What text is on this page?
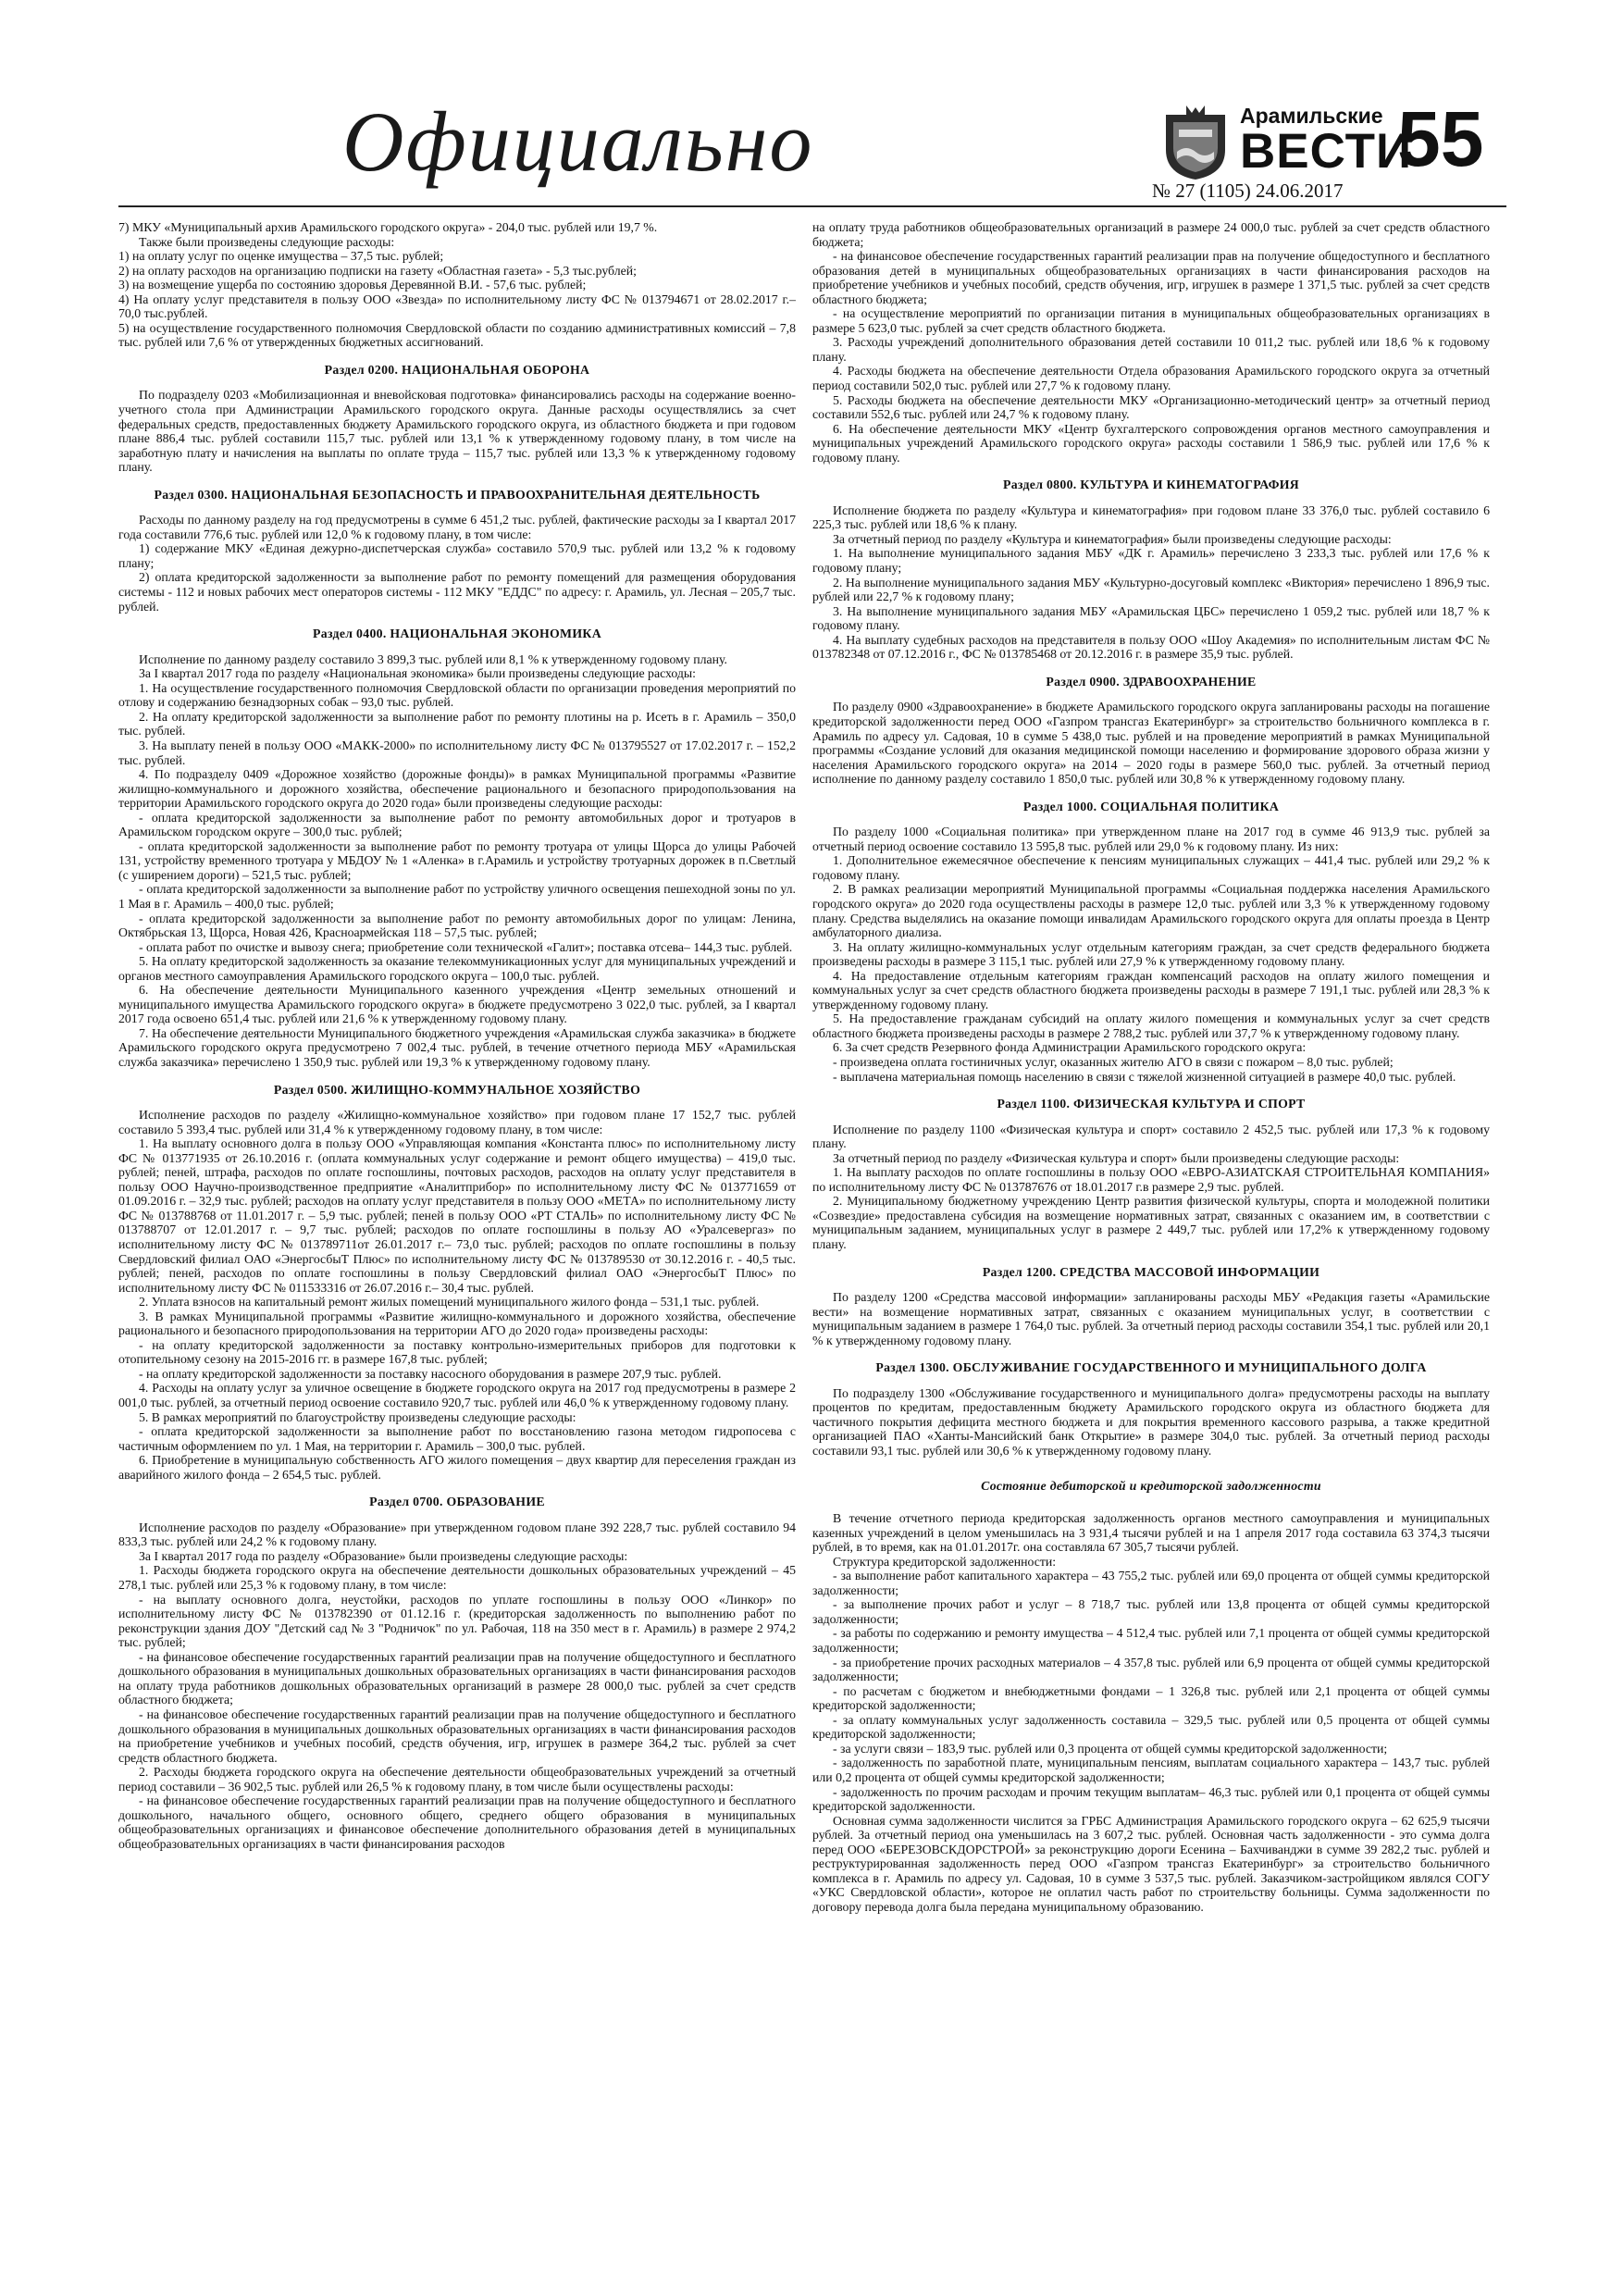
Официально	Арамильские
ВЕСТИ
55
№ 27 (1105) 24.06.2017

7) МКУ «Муниципальный архив Арамильского городского округа» - 204,0 тыс. рублей или 19,7 %.

Также были произведены следующие расходы:

1) на оплату услуг по оценке имущества – 37,5 тыс. рублей;

2) на оплату расходов на организацию подписки на газету «Областная газета» - 5,3 тыс.рублей;

3) на возмещение ущерба по состоянию здоровья Деревянной В.И. - 57,6 тыс. рублей;

4) На оплату услуг представителя в пользу ООО «Звезда» по исполнительному листу ФС № 013794671 от 28.02.2017 г.– 70,0 тыс.рублей.

5) на осуществление государственного полномочия Свердловской области по созданию административных комиссий – 7,8 тыс. рублей или 7,6 % от утвержденных бюджетных ассигнований.

Раздел 0200. НАЦИОНАЛЬНАЯ ОБОРОНА

По подразделу 0203 «Мобилизационная и вневойсковая подготовка» финансировались расходы на содержание военно-учетного стола при Администрации Арамильского городского округа. Данные расходы осуществлялись за счет федеральных средств, предоставленных бюджету Арамильского городского округа, из областного бюджета и при годовом плане 886,4 тыс. рублей составили 115,7 тыс. рублей или 13,1 % к утвержденному годовому плану, в том числе на заработную плату и начисления на выплаты по оплате труда – 115,7 тыс. рублей или 13,3 % к утвержденному годовому плану.

Раздел 0300. НАЦИОНАЛЬНАЯ БЕЗОПАСНОСТЬ И ПРАВООХРАНИТЕЛЬНАЯ ДЕЯТЕЛЬНОСТЬ

Расходы по данному разделу на год предусмотрены в сумме 6 451,2 тыс. рублей, фактические расходы за I квартал 2017 года составили 776,6 тыс. рублей или 12,0 % к годовому плану, в том числе:

1) содержание МКУ «Единая дежурно-диспетчерская служба» составило 570,9 тыс. рублей или 13,2 % к годовому плану;

2) оплата кредиторской задолженности за выполнение работ по ремонту помещений для размещения оборудования системы - 112 и новых рабочих мест операторов системы - 112 МКУ "ЕДДС" по адресу: г. Арамиль, ул. Лесная – 205,7 тыс. рублей.

Раздел 0400. НАЦИОНАЛЬНАЯ ЭКОНОМИКА

Исполнение по данному разделу составило 3 899,3 тыс. рублей или 8,1 % к утвержденному годовому плану.

За I квартал 2017 года по разделу «Национальная экономика» были произведены следующие расходы:

1. На осуществление государственного полномочия Свердловской области по организации проведения мероприятий по отлову и содержанию безнадзорных собак – 93,0 тыс. рублей.

2. На оплату кредиторской задолженности за выполнение работ по ремонту плотины на р. Исеть в г. Арамиль – 350,0 тыс. рублей.

3. На выплату пеней в пользу ООО «МАКК-2000» по исполнительному листу ФС № 013795527 от 17.02.2017 г. – 152,2 тыс. рублей.

4. По подразделу 0409 «Дорожное хозяйство (дорожные фонды)» в рамках Муниципальной программы «Развитие жилищно-коммунального и дорожного хозяйства, обеспечение рационального и безопасного природопользования на территории Арамильского городского округа до 2020 года» были произведены следующие расходы:

- оплата кредиторской задолженности за выполнение работ по ремонту автомобильных дорог и тротуаров в Арамильском городском округе – 300,0 тыс. рублей;

- оплата кредиторской задолженности за выполнение работ по ремонту тротуара от улицы Щорса до улицы Рабочей 131, устройству временного тротуара у МБДОУ № 1 «Аленка» в г.Арамиль и устройству тротуарных дорожек в п.Светлый (с уширением дороги) – 521,5 тыс. рублей;

- оплата кредиторской задолженности за выполнение работ по устройству уличного освещения пешеходной зоны по ул. 1 Мая в г. Арамиль – 400,0 тыс. рублей;

- оплата кредиторской задолженности за выполнение работ по ремонту автомобильных дорог по улицам: Ленина, Октябрьская 13, Щорса, Новая 426, Красноармейская 118 – 57,5 тыс. рублей;

- оплата работ по очистке и вывозу снега; приобретение соли технической «Галит»; поставка отсева– 144,3 тыс. рублей.

5. На оплату кредиторской задолженность за оказание телекоммуникационных услуг для муниципальных учреждений и органов местного самоуправления Арамильского городского округа – 100,0 тыс. рублей.

6. На обеспечение деятельности Муниципального казенного учреждения «Центр земельных отношений и муниципального имущества Арамильского городского округа» в бюджете предусмотрено 3 022,0 тыс. рублей, за I квартал 2017 года освоено 651,4 тыс. рублей или 21,6 % к утвержденному годовому плану.

7. На обеспечение деятельности Муниципального бюджетного учреждения «Арамильская служба заказчика» в бюджете Арамильского городского округа предусмотрено 7 002,4 тыс. рублей, в течение отчетного периода МБУ «Арамильская служба заказчика» перечислено 1 350,9 тыс. рублей или 19,3 % к утвержденному годовому плану.

Раздел 0500. ЖИЛИЩНО-КОММУНАЛЬНОЕ ХОЗЯЙСТВО

Исполнение расходов по разделу «Жилищно-коммунальное хозяйство» при годовом плане 17 152,7 тыс. рублей составило 5 393,4 тыс. рублей или 31,4 % к утвержденному годовому плану, в том числе:

1. На выплату основного долга в пользу ООО «Управляющая компания «Константа плюс» по исполнительному листу ФС № 013771935 от 26.10.2016 г. (оплата коммунальных услуг содержание и ремонт общего имущества) – 419,0 тыс. рублей; пеней, штрафа, расходов по оплате госпошлины, почтовых расходов, расходов на оплату услуг представителя в пользу ООО Научно-производственное предприятие «Аналитприбор» по исполнительному листу ФС № 013771659 от 01.09.2016 г. – 32,9 тыс. рублей; расходов на оплату услуг представителя в пользу ООО «МЕТА» по исполнительному листу ФС № 013788768 от 11.01.2017 г. – 5,9 тыс. рублей; пеней в пользу ООО «РТ СТАЛЬ» по исполнительному листу ФС № 013788707 от 12.01.2017 г. – 9,7 тыс. рублей; расходов по оплате госпошлины в пользу АО «Уралсевергаз» по исполнительному листу ФС № 013789711от 26.01.2017 г.– 73,0 тыс. рублей; расходов по оплате госпошлины в пользу Свердловский филиал ОАО «ЭнергосбыТ Плюс» по исполнительному листу ФС № 013789530 от 30.12.2016 г. - 40,5 тыс. рублей; пеней, расходов по оплате госпошлины в пользу Свердловский филиал ОАО «ЭнергосбыТ Плюс» по исполнительному листу ФС № 011533316 от 26.07.2016 г.– 30,4 тыс. рублей.

2. Уплата взносов на капитальный ремонт жилых помещений муниципального жилого фонда – 531,1 тыс. рублей.

3. В рамках Муниципальной программы «Развитие жилищно-коммунального и дорожного хозяйства, обеспечение рационального и безопасного природопользования на территории АГО до 2020 года» произведены расходы:

- на оплату кредиторской задолженности за поставку контрольно-измерительных приборов для подготовки к отопительному сезону на 2015-2016 гг. в размере 167,8 тыс. рублей;

- на оплату кредиторской задолженности за поставку насосного оборудования в размере 207,9 тыс. рублей.

4. Расходы на оплату услуг за уличное освещение в бюджете городского округа на 2017 год предусмотрены в размере 2 001,0 тыс. рублей, за отчетный период освоение составило 920,7 тыс. рублей или 46,0 % к утвержденному годовому плану.

5. В рамках мероприятий по благоустройству произведены следующие расходы:

- оплата кредиторской задолженности за выполнение работ по восстановлению газона методом гидропосева с частичным оформлением по ул. 1 Мая, на территории г. Арамиль – 300,0 тыс. рублей.

6. Приобретение в муниципальную собственность АГО жилого помещения – двух квартир для переселения граждан из аварийного жилого фонда – 2 654,5 тыс. рублей.

Раздел 0700. ОБРАЗОВАНИЕ

Исполнение расходов по разделу «Образование» при утвержденном годовом плане 392 228,7 тыс. рублей составило 94 833,3 тыс. рублей или 24,2 % к годовому плану.

За I квартал 2017 года по разделу «Образование» были произведены следующие расходы:

1. Расходы бюджета городского округа на обеспечение деятельности дошкольных образовательных учреждений – 45 278,1 тыс. рублей или 25,3 % к годовому плану, в том числе:

- на выплату основного долга, неустойки, расходов по уплате госпошлины в пользу ООО «Линкор» по исполнительному листу ФС № 013782390 от 01.12.16 г. (кредиторская задолженность по выполнению работ по реконструкции здания ДОУ "Детский сад № 3 "Родничок" по ул. Рабочая, 118 на 350 мест в г. Арамиль) в размере 2 974,2 тыс. рублей;

- на финансовое обеспечение государственных гарантий реализации прав на получение общедоступного и бесплатного дошкольного образования в муниципальных дошкольных образовательных организациях в части финансирования расходов на оплату труда работников дошкольных образовательных организаций в размере 28 000,0 тыс. рублей за счет средств областного бюджета;

- на финансовое обеспечение государственных гарантий реализации прав на получение общедоступного и бесплатного дошкольного образования в муниципальных дошкольных образовательных организациях в части финансирования расходов на приобретение учебников и учебных пособий, средств обучения, игр, игрушек в размере 364,2 тыс. рублей за счет средств областного бюджета.

2. Расходы бюджета городского округа на обеспечение деятельности общеобразовательных учреждений за отчетный период составили – 36 902,5 тыс. рублей или 26,5 % к годовому плану, в том числе были осуществлены расходы:

- на финансовое обеспечение государственных гарантий реализации прав на получение общедоступного и бесплатного дошкольного, начального общего, основного общего, среднего общего образования в муниципальных общеобразовательных организациях и финансовое обеспечение дополнительного образования детей в муниципальных общеобразовательных организациях в части финансирования расходов

на оплату труда работников общеобразовательных организаций в размере 24 000,0 тыс. рублей за счет средств областного бюджета;

- на финансовое обеспечение государственных гарантий реализации прав на получение общедоступного и бесплатного образования детей в муниципальных общеобразовательных организациях в части финансирования расходов на приобретение учебников и учебных пособий, средств обучения, игр, игрушек в размере 1 371,5 тыс. рублей за счет средств областного бюджета;

- на осуществление мероприятий по организации питания в муниципальных общеобразовательных организациях в размере 5 623,0 тыс. рублей за счет средств областного бюджета.

3. Расходы учреждений дополнительного образования детей составили 10 011,2 тыс. рублей или 18,6 % к годовому плану.

4. Расходы бюджета на обеспечение деятельности Отдела образования Арамильского городского округа за отчетный период составили 502,0 тыс. рублей или 27,7 % к годовому плану.

5. Расходы бюджета на обеспечение деятельности МКУ «Организационно-методический центр» за отчетный период составили 552,6 тыс. рублей или 24,7 % к годовому плану.

6. На обеспечение деятельности МКУ «Центр бухгалтерского сопровождения органов местного самоуправления и муниципальных учреждений Арамильского городского округа» расходы составили 1 586,9 тыс. рублей или 17,6 % к годовому плану.

Раздел 0800. КУЛЬТУРА И КИНЕМАТОГРАФИЯ

Исполнение бюджета по разделу «Культура и кинематография» при годовом плане 33 376,0 тыс. рублей составило 6 225,3 тыс. рублей или 18,6 % к плану.

За отчетный период по разделу «Культура и кинематография» были произведены следующие расходы:

1. На выполнение муниципального задания МБУ «ДК г. Арамиль» перечислено 3 233,3 тыс. рублей или 17,6 % к годовому плану;

2. На выполнение муниципального задания МБУ «Культурно-досуговый комплекс «Виктория» перечислено 1 896,9 тыс. рублей или 22,7 % к годовому плану;

3. На выполнение муниципального задания МБУ «Арамильская ЦБС» перечислено 1 059,2 тыс. рублей или 18,7 % к годовому плану.

4. На выплату судебных расходов на представителя в пользу ООО «Шоу Академия» по исполнительным листам ФС № 013782348 от 07.12.2016 г., ФС № 013785468 от 20.12.2016 г. в размере 35,9 тыс. рублей.

Раздел 0900. ЗДРАВООХРАНЕНИЕ

По разделу 0900 «Здравоохранение» в бюджете Арамильского городского округа запланированы расходы на погашение кредиторской задолженности перед ООО «Газпром трансгаз Екатеринбург» за строительство больничного комплекса в г. Арамиль по адресу ул. Садовая, 10 в сумме 5 438,0 тыс. рублей и на проведение мероприятий в рамках Муниципальной программы «Создание условий для оказания медицинской помощи населению и формирование здорового образа жизни у населения Арамильского городского округа» на 2014 – 2020 годы в размере 560,0 тыс. рублей. За отчетный период исполнение по данному разделу составило 1 850,0 тыс. рублей или 30,8 % к утвержденному годовому плану.

Раздел 1000. СОЦИАЛЬНАЯ ПОЛИТИКА

По разделу 1000 «Социальная политика» при утвержденном плане на 2017 год в сумме 46 913,9 тыс. рублей за отчетный период освоение составило 13 595,8 тыс. рублей или 29,0 % к годовому плану. Из них:

1. Дополнительное ежемесячное обеспечение к пенсиям муниципальных служащих – 441,4 тыс. рублей или 29,2 % к годовому плану.

2. В рамках реализации мероприятий Муниципальной программы «Социальная поддержка населения Арамильского городского округа» до 2020 года осуществлены расходы в размере 12,0 тыс. рублей или 3,3 % к утвержденному годовому плану. Средства выделялись на оказание помощи инвалидам Арамильского городского округа для оплаты проезда в Центр амбулаторного диализа.

3. На оплату жилищно-коммунальных услуг отдельным категориям граждан, за счет средств федерального бюджета произведены расходы в размере 3 115,1 тыс. рублей или 27,9 % к утвержденному годовому плану.

4. На предоставление отдельным категориям граждан компенсаций расходов на оплату жилого помещения и коммунальных услуг за счет средств областного бюджета произведены расходы в размере 7 191,1 тыс. рублей или 28,3 % к утвержденному годовому плану.

5. На предоставление гражданам субсидий на оплату жилого помещения и коммунальных услуг за счет средств областного бюджета произведены расходы в размере 2 788,2 тыс. рублей или 37,7 % к утвержденному годовому плану.

6. За счет средств Резервного фонда Администрации Арамильского городского округа:

- произведена оплата гостиничных услуг, оказанных жителю АГО в связи с пожаром – 8,0 тыс. рублей;

- выплачена материальная помощь населению в связи с тяжелой жизненной ситуацией в размере 40,0 тыс. рублей.

Раздел 1100. ФИЗИЧЕСКАЯ КУЛЬТУРА И СПОРТ

Исполнение по разделу 1100 «Физическая культура и спорт» составило 2 452,5 тыс. рублей или 17,3 % к годовому плану.

За отчетный период по разделу «Физическая культура и спорт» были произведены следующие расходы:

1. На выплату расходов по оплате госпошлины в пользу ООО «ЕВРО-АЗИАТСКАЯ СТРОИТЕЛЬНАЯ КОМПАНИЯ» по исполнительному листу ФС № 013787676 от 18.01.2017 г.в размере 2,9 тыс. рублей.

2. Муниципальному бюджетному учреждению Центр развития физической культуры, спорта и молодежной политики «Созвездие» предоставлена субсидия на возмещение нормативных затрат, связанных с оказанием им, в соответствии с муниципальным заданием, муниципальных услуг в размере 2 449,7 тыс. рублей или 17,2% к утвержденному годовому плану.

Раздел 1200. СРЕДСТВА МАССОВОЙ ИНФОРМАЦИИ

По разделу 1200 «Средства массовой информации» запланированы расходы МБУ «Редакция газеты «Арамильские вести» на возмещение нормативных затрат, связанных с оказанием муниципальных услуг, в соответствии с муниципальным заданием в размере 1 764,0 тыс. рублей. За отчетный период расходы составили 354,1 тыс. рублей или 20,1 % к утвержденному годовому плану.

Раздел 1300. ОБСЛУЖИВАНИЕ ГОСУДАРСТВЕННОГО И МУНИЦИПАЛЬНОГО ДОЛГА

По подразделу 1300 «Обслуживание государственного и муниципального долга» предусмотрены расходы на выплату процентов по кредитам, предоставленным бюджету Арамильского городского округа из областного бюджета для частичного покрытия дефицита местного бюджета и для покрытия временного кассового разрыва, а также кредитной организацией ПАО «Ханты-Мансийский банк Открытие» в размере 304,0 тыс. рублей. За отчетный период расходы составили 93,1 тыс. рублей или 30,6 % к утвержденному годовому плану.

Состояние дебиторской и кредиторской задолженности

В течение отчетного периода кредиторская задолженность органов местного самоуправления и муниципальных казенных учреждений в целом уменьшилась на 3 931,4 тысячи рублей и на 1 апреля 2017 года составила 63 374,3 тысячи рублей, в то время, как на 01.01.2017г. она составляла 67 305,7 тысячи рублей.

Структура кредиторской задолженности:

- за выполнение работ капитального характера – 43 755,2 тыс. рублей или 69,0 процента от общей суммы кредиторской задолженности;

- за выполнение прочих работ и услуг – 8 718,7 тыс. рублей или 13,8 процента от общей суммы кредиторской задолженности;

- за работы по содержанию и ремонту имущества – 4 512,4 тыс. рублей или 7,1 процента от общей суммы кредиторской задолженности;

- за приобретение прочих расходных материалов – 4 357,8 тыс. рублей или 6,9 процента от общей суммы кредиторской задолженности;

- по расчетам с бюджетом и внебюджетными фондами – 1 326,8 тыс. рублей или 2,1 процента от общей суммы кредиторской задолженности;

- за оплату коммунальных услуг задолженность составила – 329,5 тыс. рублей или 0,5 процента от общей суммы кредиторской задолженности;

- за услуги связи – 183,9 тыс. рублей или 0,3 процента от общей суммы кредиторской задолженности;

- задолженность по заработной плате, муниципальным пенсиям, выплатам социального характера – 143,7 тыс. рублей или 0,2 процента от общей суммы кредиторской задолженности;

- задолженность по прочим расходам и прочим текущим выплатам– 46,3 тыс. рублей или 0,1 процента от общей суммы кредиторской задолженности.

Основная сумма задолженности числится за ГРБС Администрация Арамильского городского округа – 62 625,9 тысячи рублей. За отчетный период она уменьшилась на 3 607,2 тыс. рублей. Основная часть задолженности - это сумма долга перед ООО «БЕРЕЗОВСКДОРСТРОЙ» за реконструкцию дороги Есенина – Бахчиванджи в сумме 39 282,2 тыс. рублей и реструктурированная задолженность перед ООО «Газпром трансгаз Екатеринбург» за строительство больничного комплекса в г. Арамиль по адресу ул. Садовая, 10 в сумме 3 537,5 тыс. рублей. Заказчиком-застройщиком являлся СОГУ «УКС Свердловской области», которое не оплатил часть работ по строительству больницы. Сумма задолженности по договору перевода долга была передана муниципальному образованию.
